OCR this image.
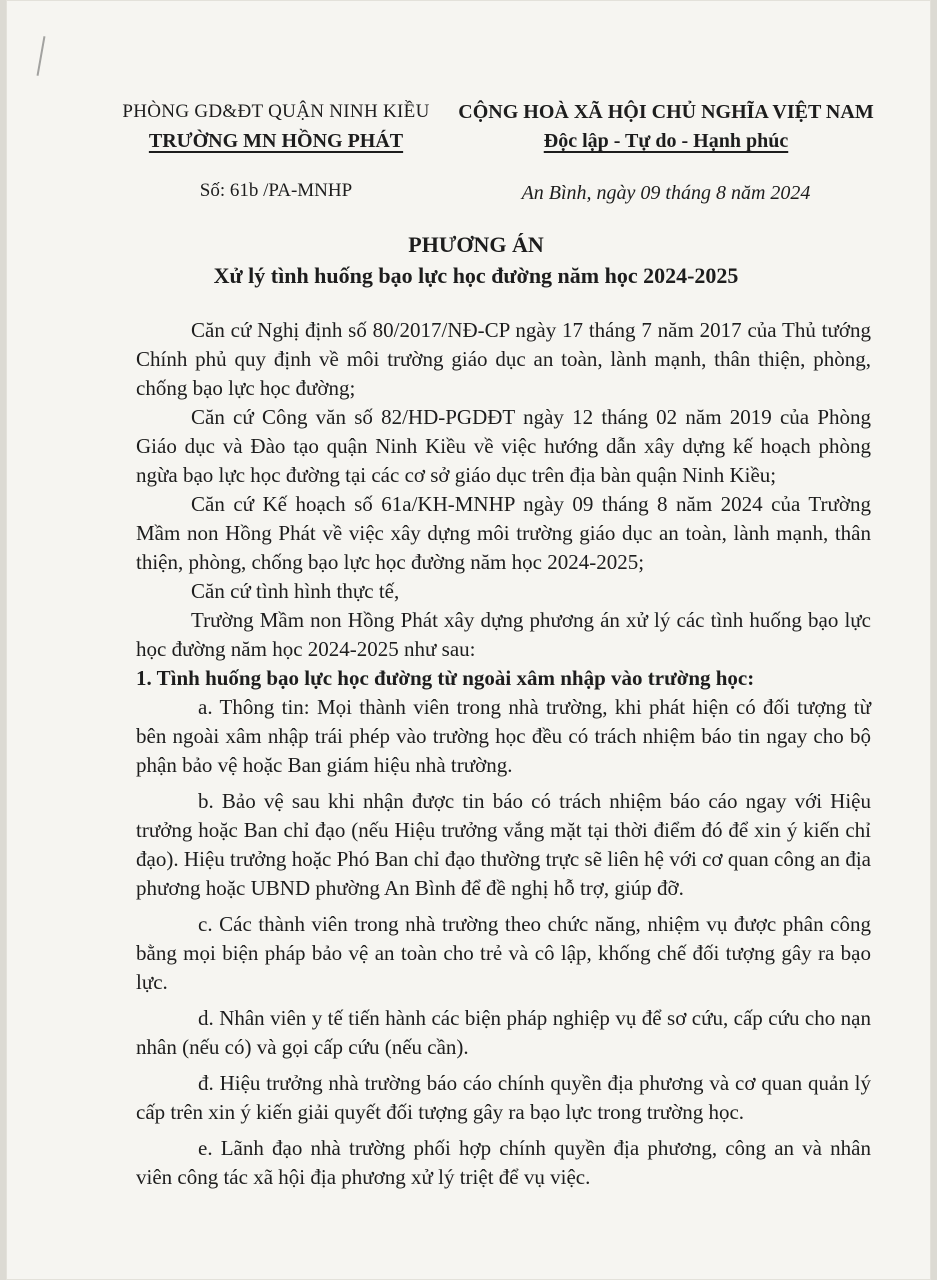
PHÒNG GD&ĐT QUẬN NINH KIỀU
TRƯỜNG MN HỒNG PHÁT
CỘNG HOÀ XÃ HỘI CHỦ NGHĨA VIỆT NAM
Độc lập - Tự do - Hạnh phúc
Số: 61b /PA-MNHP	An Bình, ngày 09 tháng 8 năm 2024
PHƯƠNG ÁN
Xử lý tình huống bạo lực học đường năm học 2024-2025

Căn cứ Nghị định số 80/2017/NĐ-CP ngày 17 tháng 7 năm 2017 của Thủ tướng Chính phủ quy định về môi trường giáo dục an toàn, lành mạnh, thân thiện, phòng, chống bạo lực học đường;

Căn cứ Công văn số 82/HD-PGDĐT ngày 12 tháng 02 năm 2019 của Phòng Giáo dục và Đào tạo quận Ninh Kiều về việc hướng dẫn xây dựng kế hoạch phòng ngừa bạo lực học đường tại các cơ sở giáo dục trên địa bàn quận Ninh Kiều;

Căn cứ Kế hoạch số 61a/KH-MNHP ngày 09 tháng 8 năm 2024 của Trường Mầm non Hồng Phát về việc xây dựng môi trường giáo dục an toàn, lành mạnh, thân thiện, phòng, chống bạo lực học đường năm học 2024-2025;

Căn cứ tình hình thực tế,

Trường Mầm non Hồng Phát xây dựng phương án xử lý các tình huống bạo lực học đường năm học 2024-2025 như sau:

1. Tình huống bạo lực học đường từ ngoài xâm nhập vào trường học:

a. Thông tin: Mọi thành viên trong nhà trường, khi phát hiện có đối tượng từ bên ngoài xâm nhập trái phép vào trường học đều có trách nhiệm báo tin ngay cho bộ phận bảo vệ hoặc Ban giám hiệu nhà trường.

b. Bảo vệ sau khi nhận được tin báo có trách nhiệm báo cáo ngay với Hiệu trưởng hoặc Ban chỉ đạo (nếu Hiệu trưởng vắng mặt tại thời điểm đó để xin ý kiến chỉ đạo). Hiệu trưởng hoặc Phó Ban chỉ đạo thường trực sẽ liên hệ với cơ quan công an địa phương hoặc UBND phường An Bình để đề nghị hỗ trợ, giúp đỡ.

c. Các thành viên trong nhà trường theo chức năng, nhiệm vụ được phân công bằng mọi biện pháp bảo vệ an toàn cho trẻ và cô lập, khống chế đối tượng gây ra bạo lực.

d. Nhân viên y tế tiến hành các biện pháp nghiệp vụ để sơ cứu, cấp cứu cho nạn nhân (nếu có) và gọi cấp cứu (nếu cần).

đ. Hiệu trưởng nhà trường báo cáo chính quyền địa phương và cơ quan quản lý cấp trên xin ý kiến giải quyết đối tượng gây ra bạo lực trong trường học.

e. Lãnh đạo nhà trường phối hợp chính quyền địa phương, công an và nhân viên công tác xã hội địa phương xử lý triệt để vụ việc.
